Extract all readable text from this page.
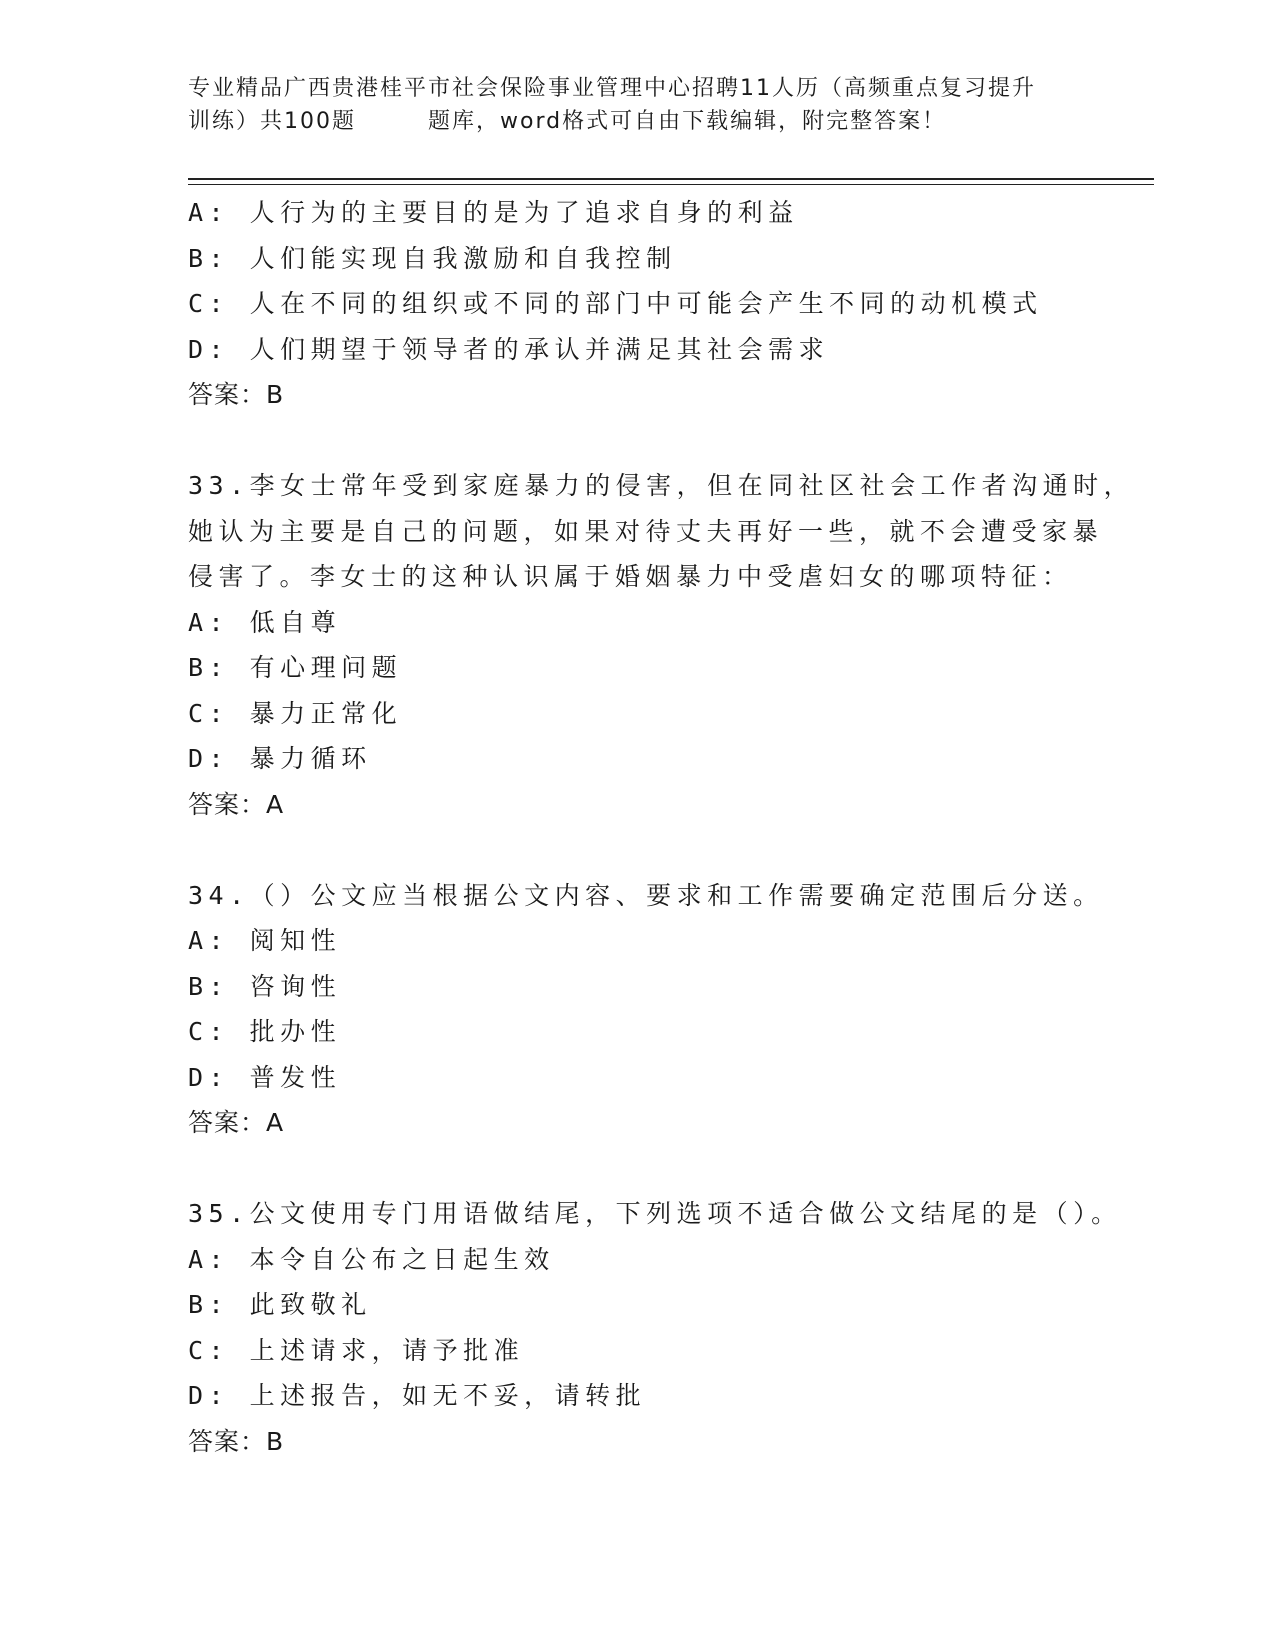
专业精品广西贵港桂平市社会保险事业管理中心招聘11人历（高频重点复习提升
训练）共100题	题库，word格式可自由下载编辑，附完整答案！
A: 人行为的主要目的是为了追求自身的利益
B: 人们能实现自我激励和自我控制
C: 人在不同的组织或不同的部门中可能会产生不同的动机模式
D: 人们期望于领导者的承认并满足其社会需求
答案：B
33.李女士常年受到家庭暴力的侵害，但在同社区社会工作者沟通时，
她认为主要是自己的问题，如果对待丈夫再好一些，就不会遭受家暴
侵害了。李女士的这种认识属于婚姻暴力中受虐妇女的哪项特征：
A: 低自尊
B: 有心理问题
C: 暴力正常化
D: 暴力循环
答案：A
34.（）公文应当根据公文内容、要求和工作需要确定范围后分送。
A: 阅知性
B: 咨询性
C: 批办性
D: 普发性
答案：A
35.公文使用专门用语做结尾，下列选项不适合做公文结尾的是（）。
A: 本令自公布之日起生效
B: 此致敬礼
C: 上述请求，请予批准
D: 上述报告，如无不妥，请转批
答案：B
